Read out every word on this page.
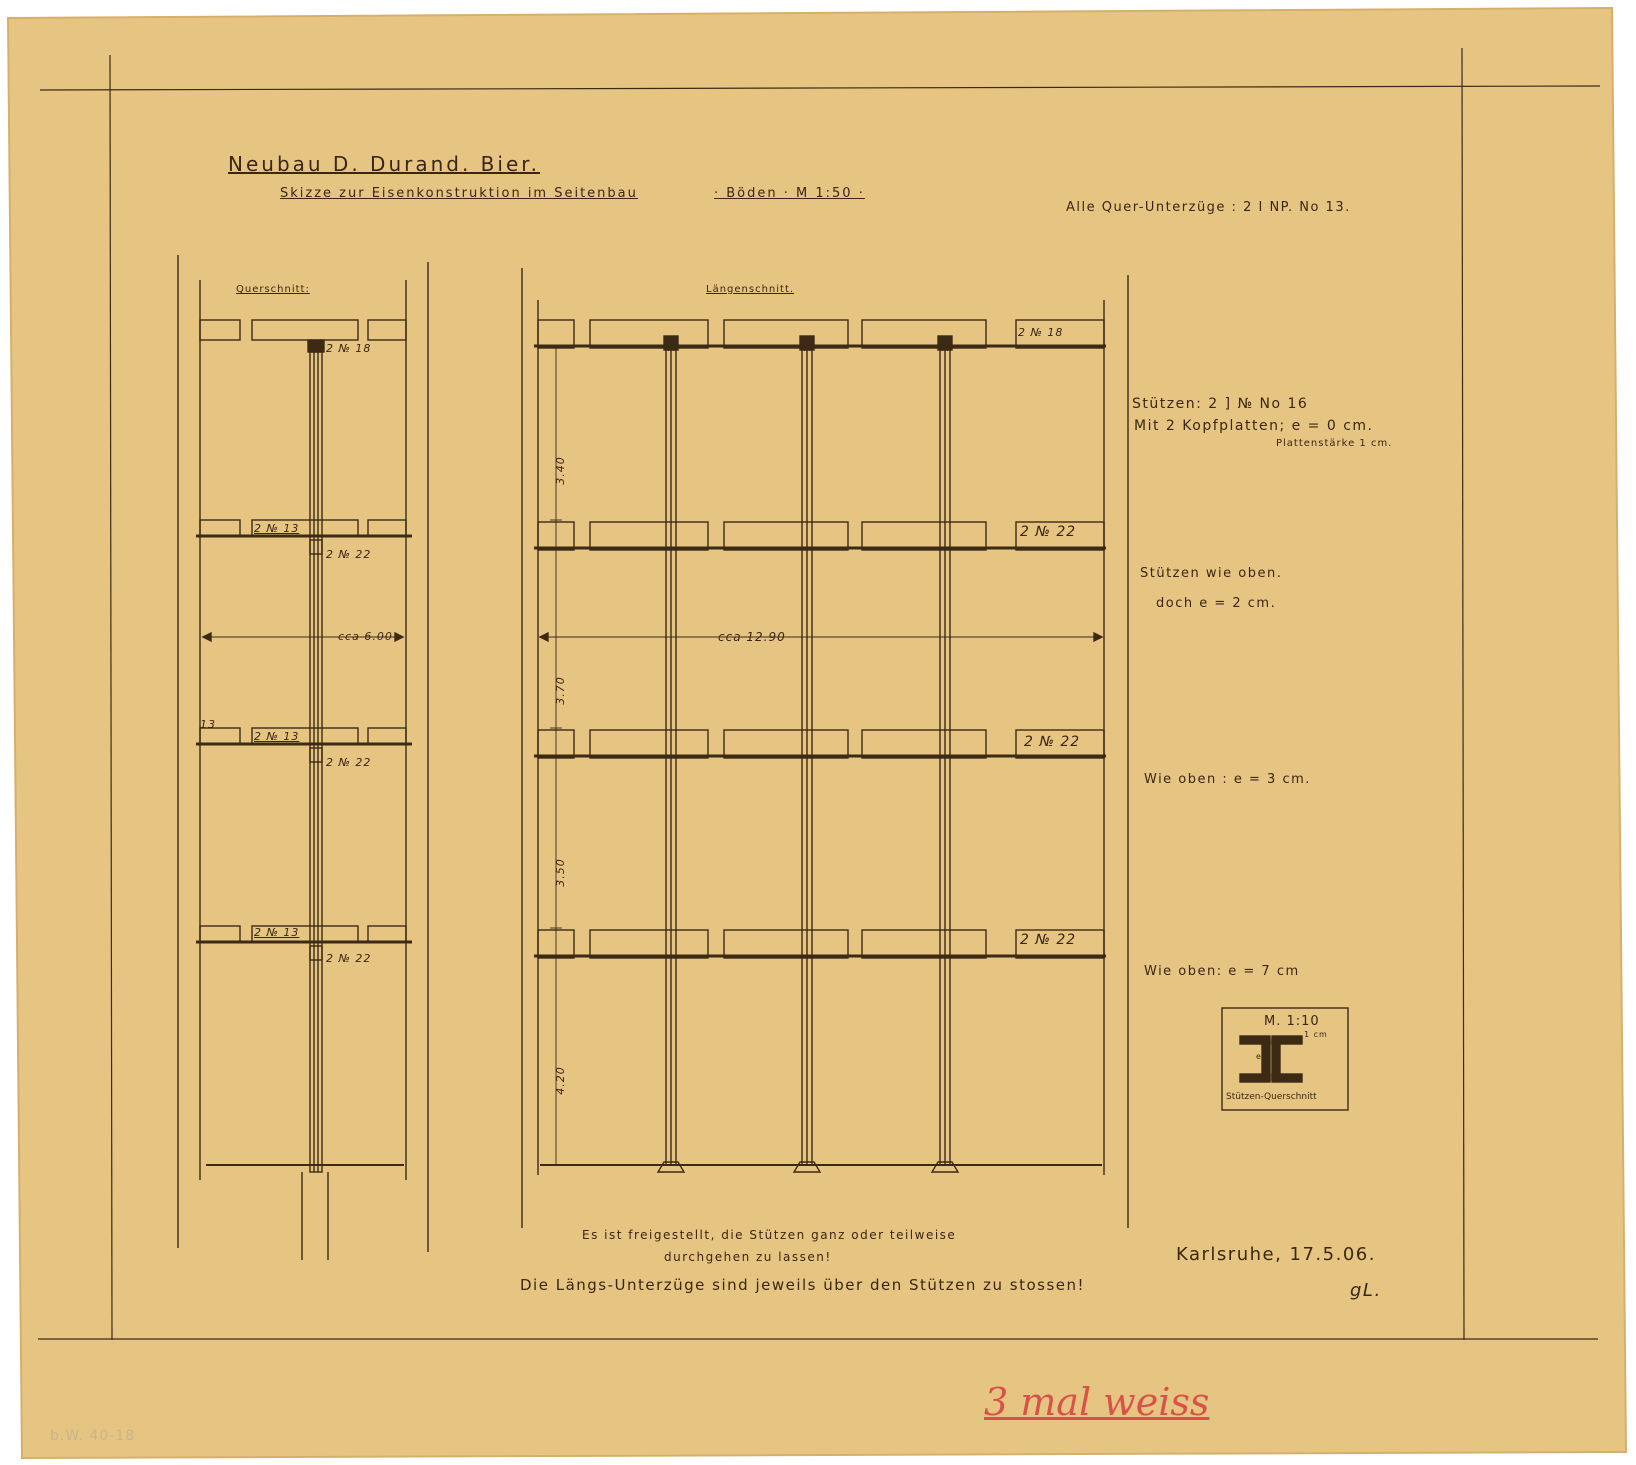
Neubau D. Durand. Bier.
Skizze zur Eisenkonstruktion im Seitenbau	· Böden · M 1:50 ·
Alle Quer-Unterzüge : 2 I NP. No 13.
Querschnitt:	Längenschnitt.
2 № 18
2 № 18
2 № 13
2 № 22
2 № 22
13
2 № 13
2 № 22
2 № 22
2 № 13
2 № 22
2 № 22
cca 6.00	cca 12.90
3.40
3.70
3.50
4.20
Stützen: 2 ] № No 16
Mit 2 Kopfplatten; e = 0 cm.
Plattenstärke 1 cm.
Stützen wie oben.
doch e = 2 cm.
Wie oben : e = 3 cm.
Wie oben: e = 7 cm
M. 1:10
1 cm
e
Stützen-Querschnitt
Es ist freigestellt, die Stützen ganz oder teilweise
durchgehen zu lassen!
Die Längs-Unterzüge sind jeweils über den Stützen zu stossen!
Karlsruhe, 17.5.06.
gL.
3 mal weiss
b.W. 40-18
